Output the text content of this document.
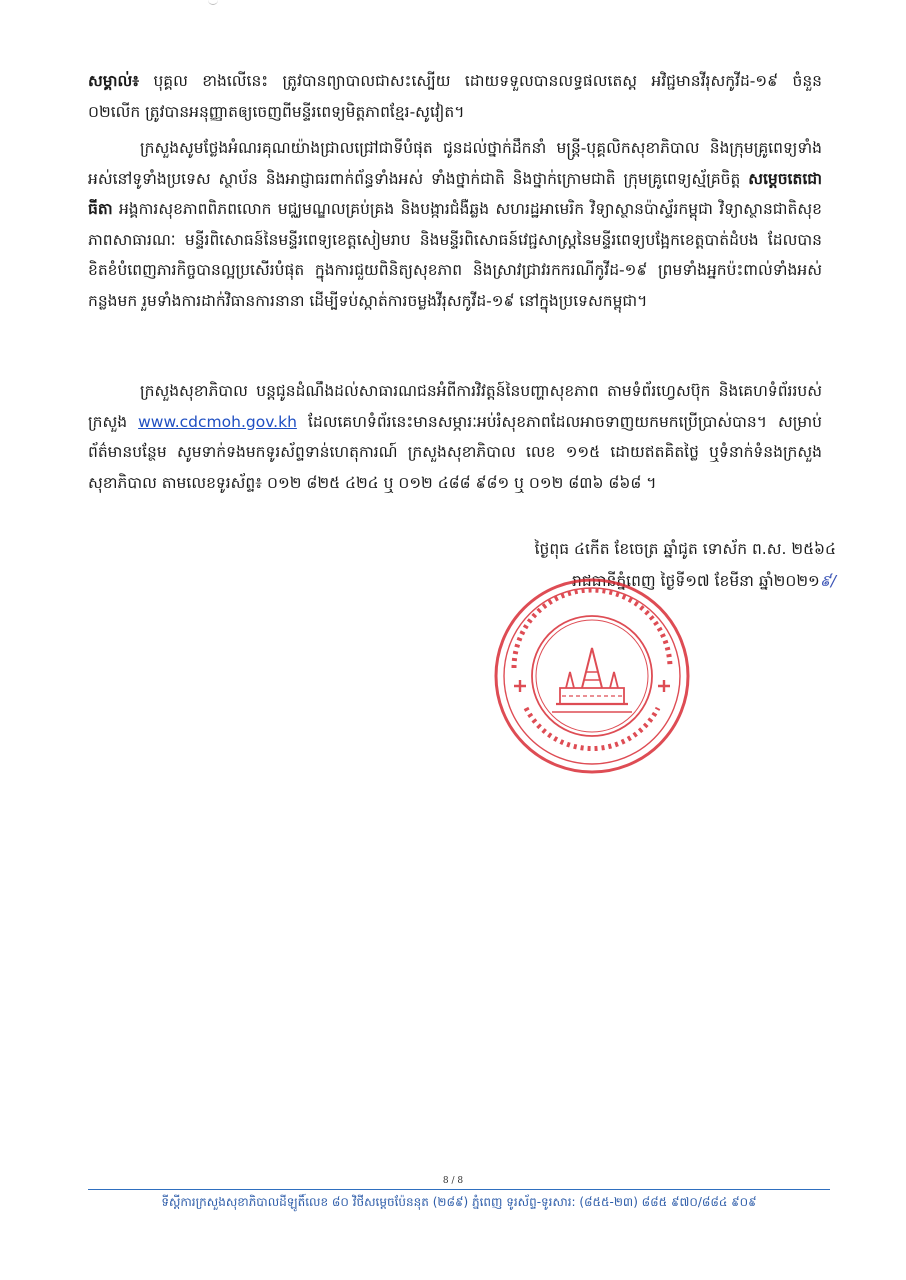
សម្គាល់៖ បុគ្គល ខាងលើនេះ ត្រូវបានព្យាបាលជាសះស្បើយ ដោយទទួលបានលទ្ធផលតេស្ត អវិជ្ជមានវីរុសកូវីដ-១៩ ចំនួន ០២លើក ត្រូវបានអនុញ្ញាតឲ្យចេញពីមន្ទីរពេទ្យមិត្តភាពខ្មែរ-សូវៀត។

ក្រសួងសូមថ្លែងអំណរគុណយ៉ាងជ្រាលជ្រៅជាទីបំផុត ជូនដល់ថ្នាក់ដឹកនាំ មន្ត្រី-បុគ្គលិកសុខាភិបាល និងក្រុមគ្រូពេទ្យទាំងអស់នៅទូទាំងប្រទេស ស្ថាប័ន និងអាជ្ញាធរពាក់ព័ន្ធទាំងអស់ ទាំងថ្នាក់ជាតិ និងថ្នាក់ក្រោមជាតិ ក្រុមគ្រូពេទ្យស្ម័គ្រចិត្ត សម្តេចតេជោ ធីតា អង្គការសុខភាពពិភពលោក មជ្ឈមណ្ឌលគ្រប់គ្រង និងបង្ការជំងឺឆ្លង សហរដ្ឋអាមេរិក វិទ្យាស្ថានប៉ាស្ទ័រកម្ពុជា វិទ្យាស្ថានជាតិសុខភាពសាធារណៈ មន្ទីរពិសោធន៍នៃមន្ទីរពេទ្យខេត្តសៀមរាប និងមន្ទីរពិសោធន៍វេជ្ជសាស្ត្រនៃមន្ទីរពេទ្យបង្អែកខេត្តបាត់ដំបង ដែលបានខិតខំបំពេញភារកិច្ចបានល្អប្រសើរបំផុត ក្នុងការជួយពិនិត្យសុខភាព និងស្រាវជ្រាវរកករណីកូវីដ-១៩ ព្រមទាំងអ្នកប៉ះពាល់ទាំងអស់កន្លងមក រួមទាំងការដាក់វិធានការនានា ដើម្បីទប់ស្កាត់ការចម្លងវីរុសកូវីដ-១៩ នៅក្នុងប្រទេសកម្ពុជា។

ក្រសួងសុខាភិបាល បន្តជូនដំណឹងដល់សាធារណជនអំពីការវិវត្តន៍នៃបញ្ហាសុខភាព តាមទំព័រហ្វេសប៊ុក និងគេហទំព័ររបស់ក្រសួង www.cdcmoh.gov.kh ដែលគេហទំព័រនេះមានសម្ភារៈអប់រំសុខភាពដែលអាចទាញយកមកប្រើប្រាស់បាន។ សម្រាប់ព័ត៌មានបន្ថែម សូមទាក់ទងមកទូរស័ព្ទទាន់ហេតុការណ៍ ក្រសួងសុខាភិបាល លេខ ១១៥ ដោយឥតគិតថ្លៃ ឬទំនាក់ទំនងក្រសួងសុខាភិបាល តាមលេខទូរស័ព្ទ៖ ០១២ ៨២៥ ៤២៤ ឬ ០១២ ៤៨៨ ៩៨១ ឬ ០១២ ៨៣៦ ៨៦៨ ។

ថ្ងៃពុធ ៤កើត ខែចេត្រ ឆ្នាំជូត ទោស័ក ព.ស. ២៥៦៤
រាជធានីភ្នំពេញ ថ្ងៃទី១៧ ខែមីនា ឆ្នាំ២០២១៩/
8 / 8
ទីស្តីការក្រសួងសុខាភិបាលដីឡូតិ៍លេខ ៨០ វិថីសម្តេចប៉ែននុត (២៨៩) ភ្នំពេញ ទូរស័ព្ទ-ទូរសារ: (៨៥៥-២៣) ៨៨៥ ៩៧០/៨៨៤ ៩០៩
